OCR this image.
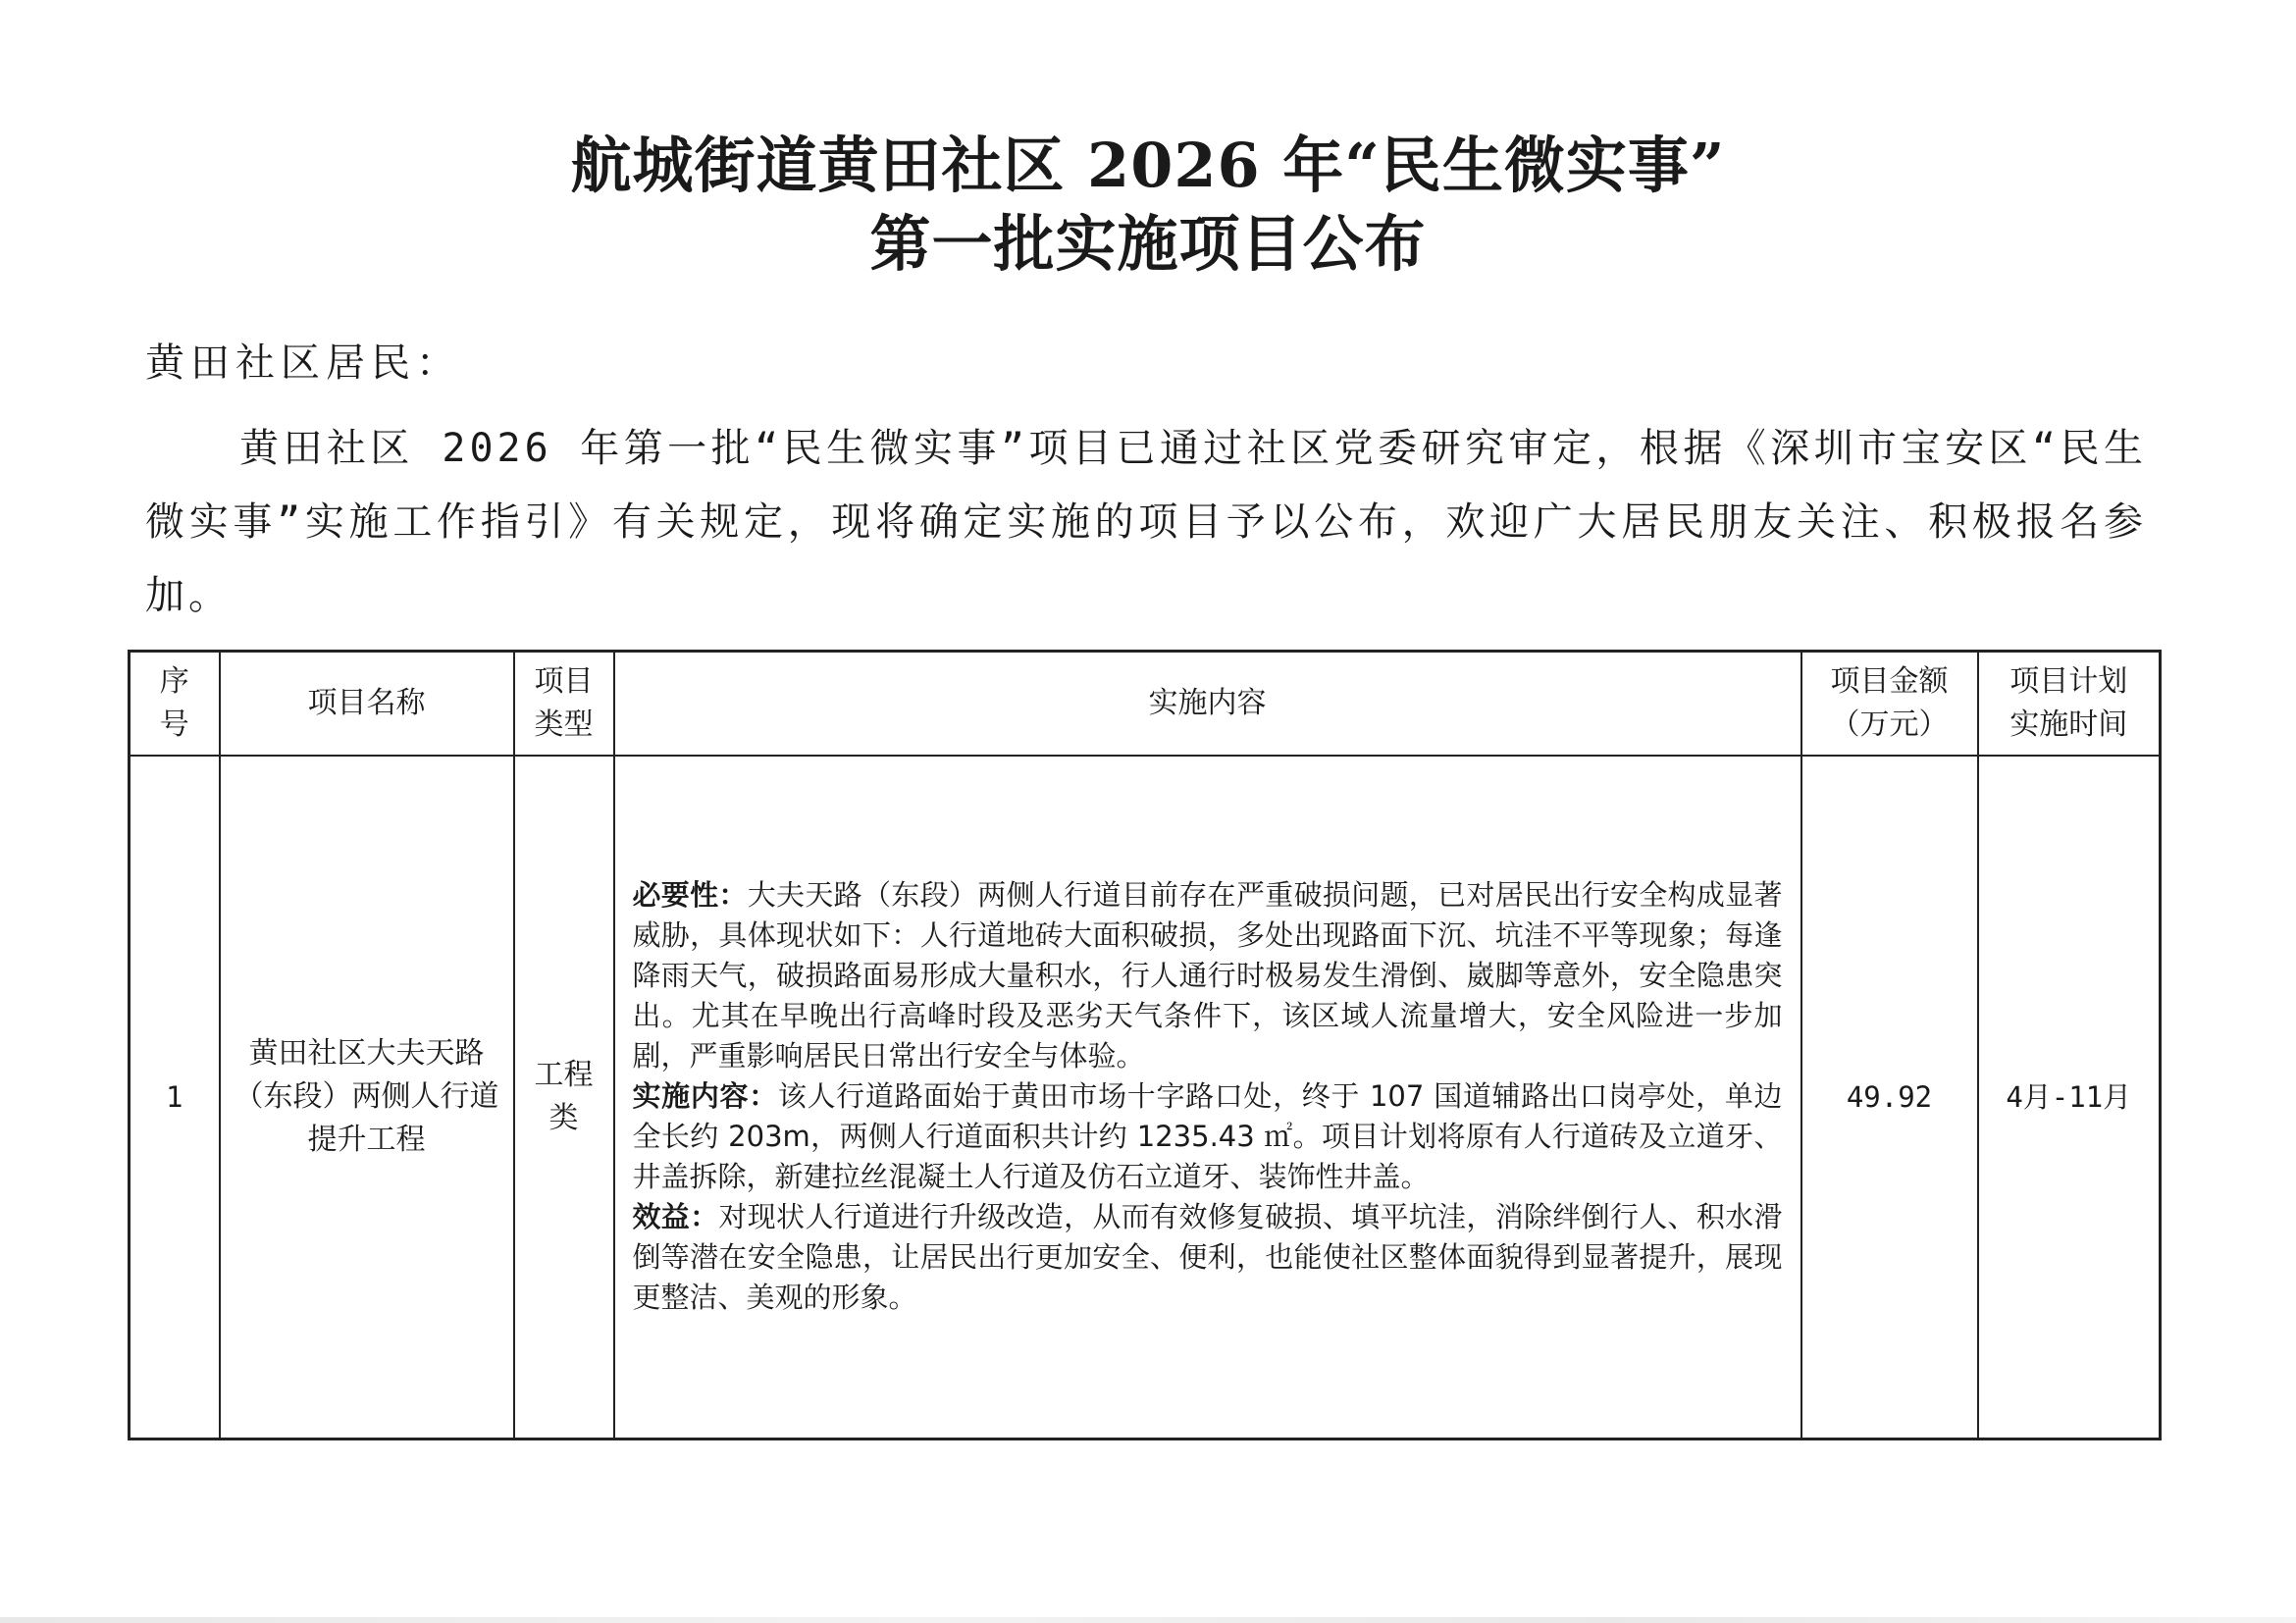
航城街道黄田社区 2026 年“民生微实事”
第一批实施项目公布
黄田社区居民：
黄田社区 2026 年第一批“民生微实事”项目已通过社区党委研究审定，根据《深圳市宝安区“民生微实事”实施工作指引》有关规定，现将确定实施的项目予以公布，欢迎广大居民朋友关注、积极报名参加。
序号	项目名称	项目类型	实施内容	项目金额（万元）	项目计划实施时间
1	黄田社区大夫天路（东段）两侧人行道提升工程	工程类	必要性：大夫天路（东段）两侧人行道目前存在严重破损问题，已对居民出行安全构成显著威胁，具体现状如下：人行道地砖大面积破损，多处出现路面下沉、坑洼不平等现象；每逢降雨天气，破损路面易形成大量积水，行人通行时极易发生滑倒、崴脚等意外，安全隐患突出。尤其在早晚出行高峰时段及恶劣天气条件下，该区域人流量增大，安全风险进一步加剧，严重影响居民日常出行安全与体验。

实施内容：该人行道路面始于黄田市场十字路口处，终于 107 国道辅路出口岗亭处，单边全长约 203m，两侧人行道面积共计约 1235.43 ㎡。项目计划将原有人行道砖及立道牙、井盖拆除，新建拉丝混凝土人行道及仿石立道牙、装饰性井盖。

效益：对现状人行道进行升级改造，从而有效修复破损、填平坑洼，消除绊倒行人、积水滑倒等潜在安全隐患，让居民出行更加安全、便利，也能使社区整体面貌得到显著提升，展现更整洁、美观的形象。	49.92	4月-11月
